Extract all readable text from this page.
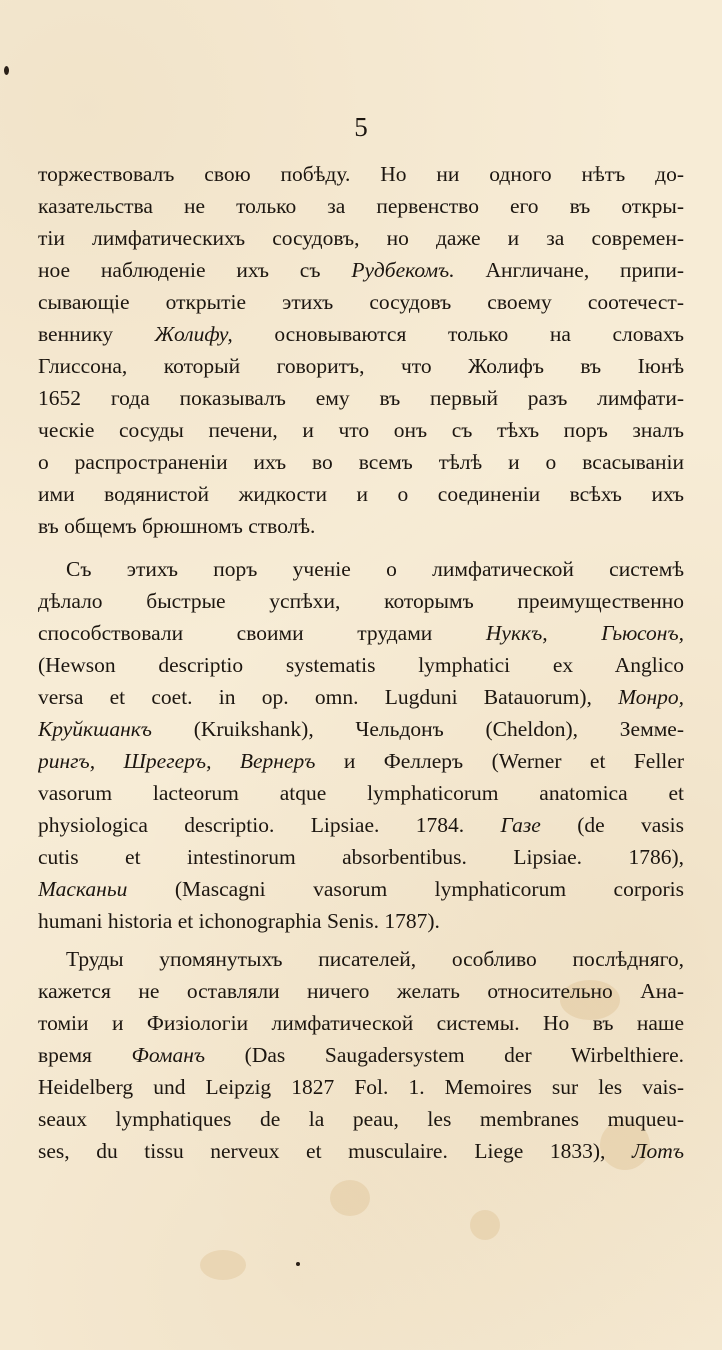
5
торжествовалъ свою побѣду. Но ни одного нѣтъ до-
казательства не только за первенство его въ откры-
тіи лимфатическихъ сосудовъ, но даже и за современ-
ное наблюденіе ихъ съ Рудбекомъ. Англичане, припи-
сывающіе открытіе этихъ сосудовъ своему соотечест-
веннику Жолифу, основываются только на словахъ
Глиссона, который говоритъ, что Жолифъ въ Іюнѣ
1652 года показывалъ ему въ первый разъ лимфати-
ческіе сосуды печени, и что онъ съ тѣхъ поръ зналъ
о распространеніи ихъ во всемъ тѣлѣ и о всасываніи
ими водянистой жидкости и о соединеніи всѣхъ ихъ
въ общемъ брюшномъ стволѣ.
Съ этихъ поръ ученіе о лимфатической системѣ
дѣлало быстрые успѣхи, которымъ преимущественно
способствовали своими трудами Нуккъ, Гьюсонъ,
(Hewson descriptio systematis lymphatici ex Anglico
versa et coet. in op. omn. Lugduni Batauorum), Монро,
Круйкшанкъ (Kruikshank), Чельдонъ (Cheldon), Земме-
рингъ, Шрегеръ, Вернеръ и Феллеръ (Werner et Feller
vasorum lacteorum atque lymphaticorum anatomica et
physiologica descriptio. Lipsiae. 1784. Газе (de vasis
cutis et intestinorum absorbentibus. Lipsiae. 1786),
Масканьи (Mascagni vasorum lymphaticorum corporis
humani historia et ichonographia Senis. 1787).
Труды упомянутыхъ писателей, особливо послѣдняго,
кажется не оставляли ничего желать относительно Ана-
томіи и Физіологіи лимфатической системы. Но въ наше
время Фоманъ (Das Saugadersystem der Wirbelthiere.
Heidelberg und Leipzig 1827 Fol. 1. Memoires sur les vais-
seaux lymphatiques de la peau, les membranes muqueu-
ses, du tissu nerveux et musculaire. Liege 1833), Лотъ
